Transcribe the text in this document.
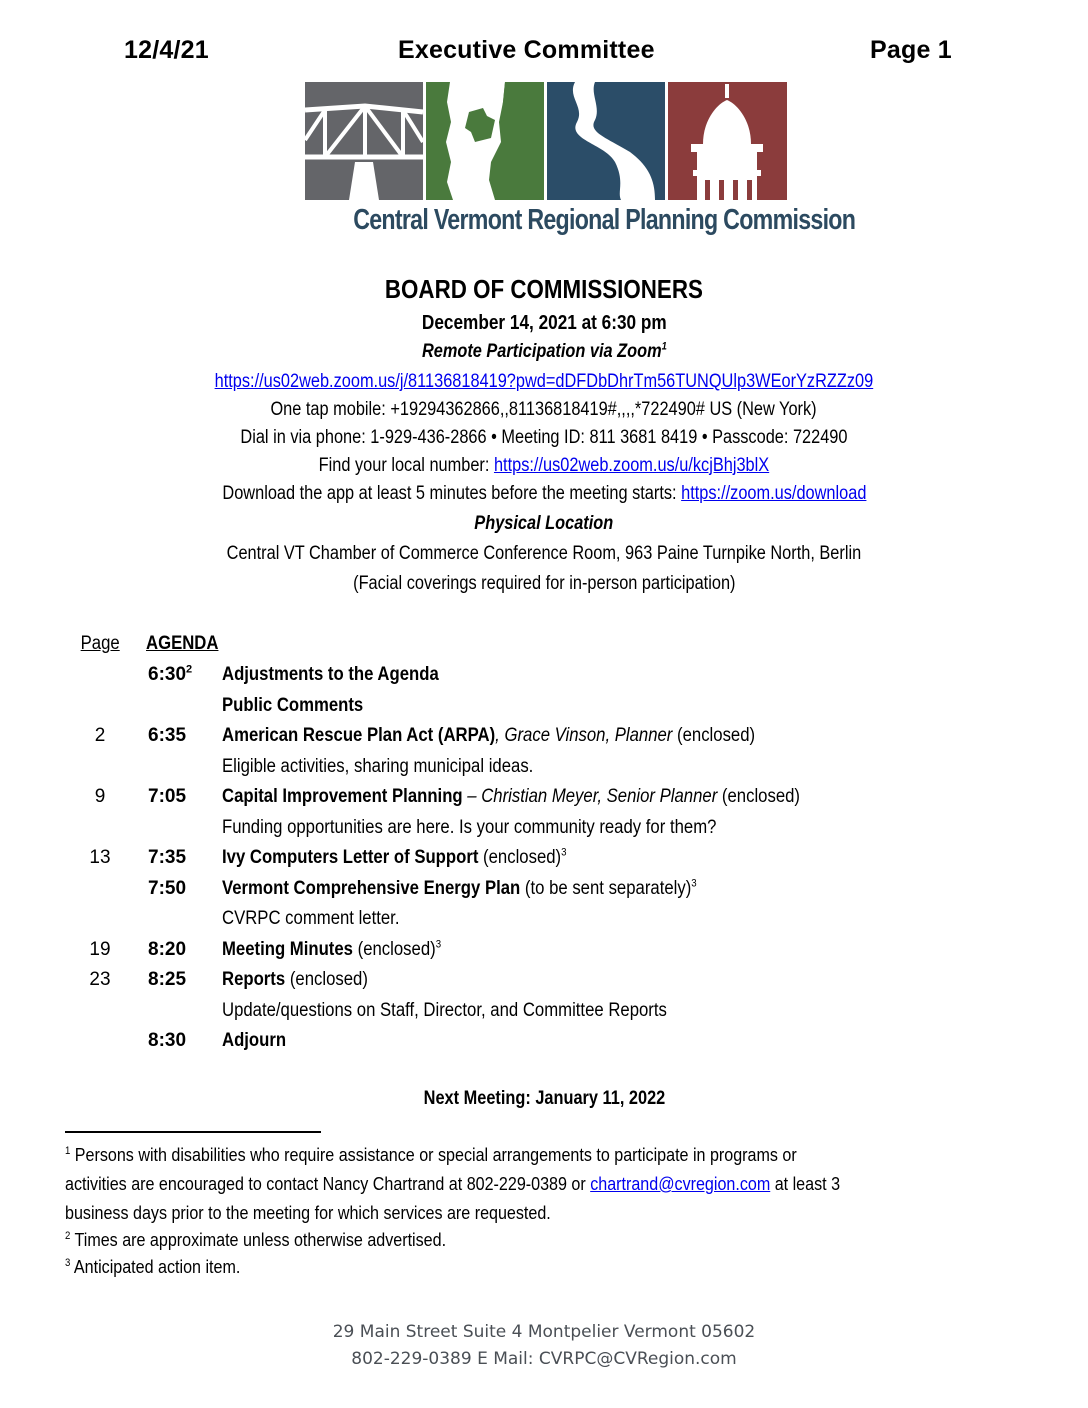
12/4/21	Executive Committee	Page 1
Central Vermont Regional Planning Commission
BOARD OF COMMISSIONERS
December 14, 2021 at 6:30 pm
Remote Participation via Zoom$^1$
https://us02web.zoom.us/j/81136818419?pwd=dDFDbDhrTm56TUNQUlp3WEorYzRZZz09
One tap mobile: +19294362866,,81136818419#,,,,*722490# US (New York)
Dial in via phone: 1-929-436-2866 • Meeting ID: 811 3681 8419 • Passcode: 722490
Find your local number: https://us02web.zoom.us/u/kcjBhj3blX
Download the app at least 5 minutes before the meeting starts: https://zoom.us/download
Physical Location
Central VT Chamber of Commerce Conference Room, 963 Paine Turnpike North, Berlin
(Facial coverings required for in-person participation)
Page AGENDA
$6:30^2$ Adjustments to the Agenda
Public Comments
2	6:35 American Rescue Plan Act (ARPA), Grace Vinson, Planner (enclosed)
Eligible activities, sharing municipal ideas.
9	7:05 Capital Improvement Planning – Christian Meyer, Senior Planner (enclosed)
Funding opportunities are here. Is your community ready for them?
13	7:35 Ivy Computers Letter of Support (enclosed)$^3$
7:50 Vermont Comprehensive Energy Plan (to be sent separately)$^3$
CVRPC comment letter.
19	8:20 Meeting Minutes (enclosed)$^3$
23	8:25 Reports (enclosed)
Update/questions on Staff, Director, and Committee Reports
8:30 Adjourn
Next Meeting: January 11, 2022
$^1$ Persons with disabilities who require assistance or special arrangements to participate in programs or
activities are encouraged to contact Nancy Chartrand at 802-229-0389 or chartrand@cvregion.com at least 3
business days prior to the meeting for which services are requested.
$^2$ Times are approximate unless otherwise advertised.
$^3$ Anticipated action item.
29 Main Street Suite 4 Montpelier Vermont 05602
802-229-0389 E Mail: CVRPC@CVRegion.com
